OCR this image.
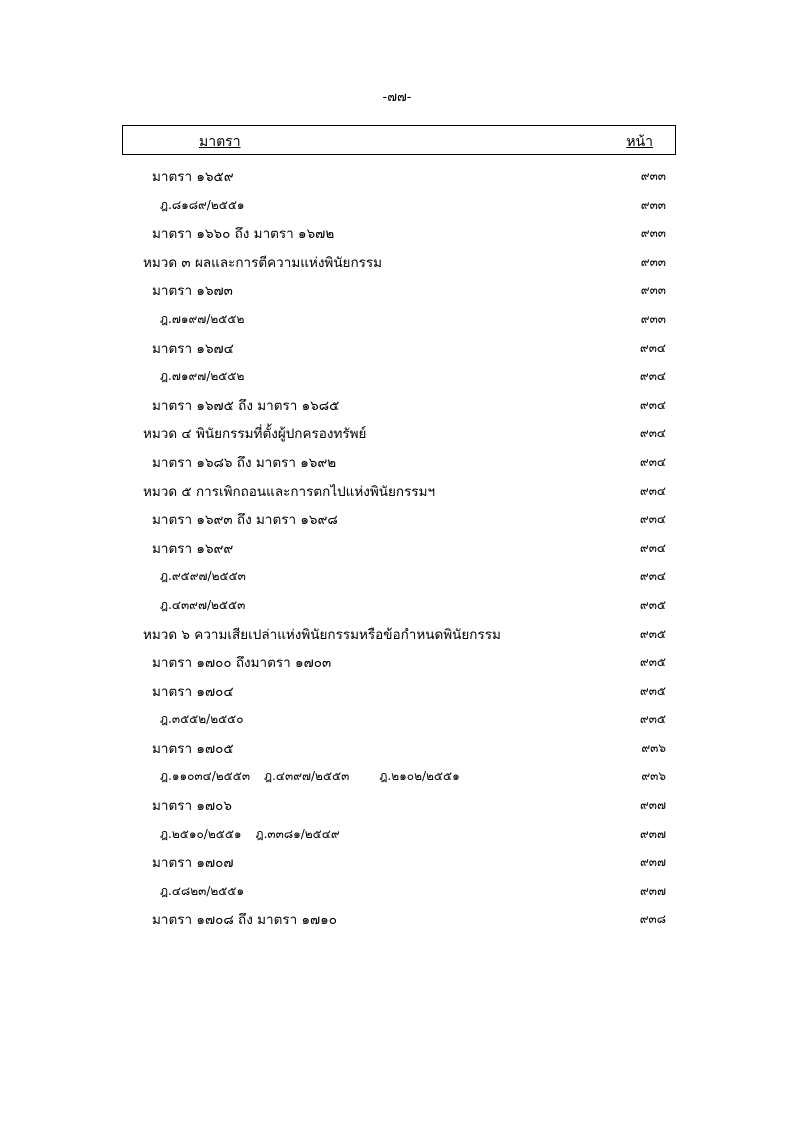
-๗๗-
มาตรา	หน้า
มาตรา ๑๖๕๙	๙๓๓
ฎ.๘๑๘๙/๒๕๕๑	๙๓๓
มาตรา ๑๖๖๐ ถึง มาตรา ๑๖๗๒	๙๓๓
หมวด ๓ ผลและการตีความแห่งพินัยกรรม	๙๓๓
มาตรา ๑๖๗๓	๙๓๓
ฎ.๗๑๙๗/๒๕๕๒	๙๓๓
มาตรา ๑๖๗๔	๙๓๔
ฎ.๗๑๙๗/๒๕๕๒	๙๓๔
มาตรา ๑๖๗๕ ถึง มาตรา ๑๖๘๕	๙๓๔
หมวด ๔ พินัยกรรมที่ตั้งผู้ปกครองทรัพย์	๙๓๔
มาตรา ๑๖๘๖ ถึง มาตรา ๑๖๙๒	๙๓๔
หมวด ๕ การเพิกถอนและการตกไปแห่งพินัยกรรมฯ	๙๓๔
มาตรา ๑๖๙๓ ถึง มาตรา ๑๖๙๘	๙๓๔
มาตรา ๑๖๙๙	๙๓๔
ฎ.๙๕๙๗/๒๕๕๓	๙๓๔
ฎ.๔๓๙๗/๒๕๕๓	๙๓๕
หมวด ๖ ความเสียเปล่าแห่งพินัยกรรมหรือข้อกำหนดพินัยกรรม	๙๓๕
มาตรา ๑๗๐๐ ถึงมาตรา ๑๗๐๓	๙๓๕
มาตรา ๑๗๐๔	๙๓๕
ฎ.๓๕๕๒/๒๕๕๐	๙๓๕
มาตรา ๑๗๐๕	๙๓๖
ฎ.๑๑๐๓๔/๒๕๕๓ ฎ.๔๓๙๗/๒๕๕๓	ฎ.๒๑๐๒/๒๕๕๑	๙๓๖
มาตรา ๑๗๐๖	๙๓๗
ฎ.๒๕๑๐/๒๕๕๑ ฎ.๓๓๘๑/๒๕๔๙	๙๓๗
มาตรา ๑๗๐๗	๙๓๗
ฎ.๔๘๒๓/๒๕๕๑	๙๓๗
มาตรา ๑๗๐๘ ถึง มาตรา ๑๗๑๐	๙๓๘
